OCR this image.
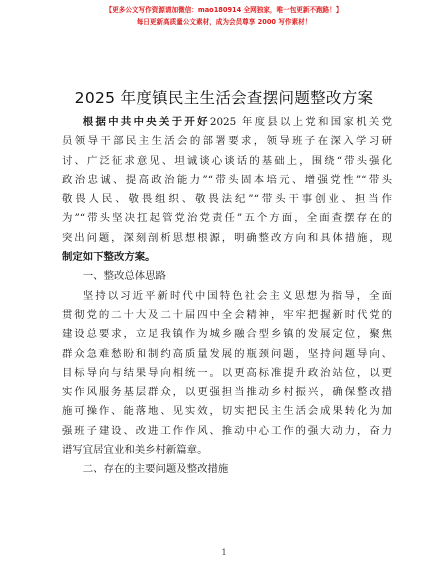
【更多公文写作资源请加微信：mao180914 全网独家，唯一包更新不跑路！】
每日更新高质量公文素材，成为会员尊享 2000 写作素材！
2025 年度镇民主生活会查摆问题整改方案
根据中共中央关于开好2025 年度县以上党和国家机关党
员领导干部民主生活会的部署要求，领导班子在深入学习研
讨、广泛征求意见、坦诚谈心谈话的基础上，围绕“带头强化
政治忠诚、提高政治能力”“带头固本培元、增强党性”“带头
敬畏人民、敬畏组织、敬畏法纪”“带头干事创业、担当作
为”“带头坚决扛起管党治党责任”五个方面，全面查摆存在的
突出问题，深刻剖析思想根源，明确整改方向和具体措施，现
制定如下整改方案。
一、整改总体思路
坚持以习近平新时代中国特色社会主义思想为指导，全面
贯彻党的二十大及二十届四中全会精神，牢牢把握新时代党的
建设总要求，立足我镇作为城乡融合型乡镇的发展定位，聚焦
群众急难愁盼和制约高质量发展的瓶颈问题，坚持问题导向、
目标导向与结果导向相统一。以更高标准提升政治站位，以更
实作风服务基层群众，以更强担当推动乡村振兴，确保整改措
施可操作、能落地、见实效，切实把民主生活会成果转化为加
强班子建设、改进工作作风、推动中心工作的强大动力，奋力
谱写宜居宜业和美乡村新篇章。
二、存在的主要问题及整改措施
1
